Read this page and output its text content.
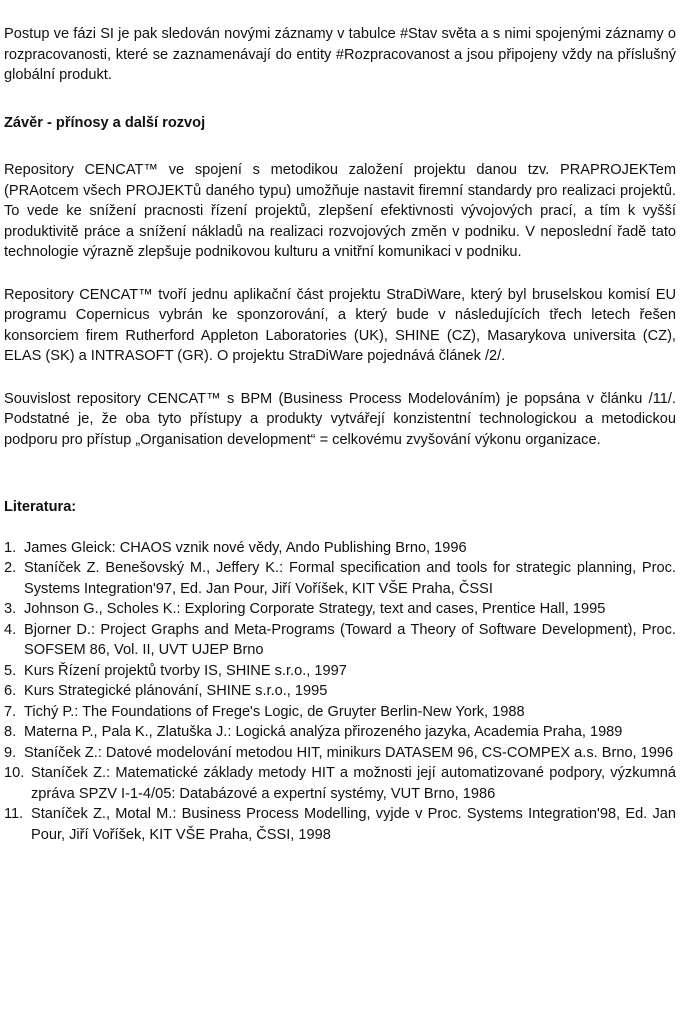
Postup ve fázi SI je pak sledován novými záznamy v tabulce #Stav světa a s nimi spojenými záznamy o rozpracovanosti, které se zaznamenávají do entity #Rozpracovanost a jsou připojeny vždy na příslušný globální produkt.

Závěr - přínosy a další rozvoj

Repository CENCAT™ ve spojení s metodikou založení projektu danou tzv. PRAPROJEKTem (PRAotcem všech PROJEKTů daného typu) umožňuje nastavit firemní standardy pro realizaci projektů. To vede ke snížení pracnosti řízení projektů, zlepšení efektivnosti vývojových prací, a tím k vyšší produktivitě práce a snížení nákladů na realizaci rozvojových změn v podniku. V neposlední řadě tato technologie výrazně zlepšuje podnikovou kulturu a vnitřní komunikaci v podniku.

Repository CENCAT™ tvoří jednu aplikační část projektu StraDiWare, který byl bruselskou komisí EU programu Copernicus vybrán ke sponzorování, a který bude v následujících třech letech řešen konsorciem firem Rutherford Appleton Laboratories (UK), SHINE (CZ), Masarykova universita (CZ), ELAS (SK) a INTRASOFT (GR). O projektu StraDiWare pojednává článek /2/.

Souvislost repository CENCAT™ s BPM (Business Process Modelováním) je popsána v článku /11/. Podstatné je, že oba tyto přístupy a produkty vytvářejí konzistentní technologickou a metodickou podporu pro přístup „Organisation development“ = celkovému zvyšování výkonu organizace.

Literatura:

1. James Gleick: CHAOS vznik nové vědy, Ando Publishing Brno, 1996
2. Staníček Z. Benešovský M., Jeffery K.: Formal specification and tools for strategic planning, Proc. Systems Integration'97, Ed. Jan Pour, Jiří Voříšek, KIT VŠE Praha, ČSSI
3. Johnson G., Scholes K.: Exploring Corporate Strategy, text and cases, Prentice Hall, 1995
4. Bjorner D.: Project Graphs and Meta-Programs (Toward a Theory of Software Development), Proc. SOFSEM 86, Vol. II, UVT UJEP Brno
5. Kurs Řízení projektů tvorby IS, SHINE s.r.o., 1997
6. Kurs Strategické plánování, SHINE s.r.o., 1995
7. Tichý P.: The Foundations of Frege's Logic, de Gruyter Berlin-New York, 1988
8. Materna P., Pala K., Zlatuška J.: Logická analýza přirozeného jazyka, Academia Praha, 1989
9. Staníček Z.: Datové modelování metodou HIT, minikurs DATASEM 96, CS-COMPEX a.s. Brno, 1996
10. Staníček Z.: Matematické základy metody HIT a možnosti její automatizované podpory, výzkumná zpráva SPZV I-1-4/05: Databázové a expertní systémy, VUT Brno, 1986
11. Staníček Z., Motal M.: Business Process Modelling, vyjde v Proc. Systems Integration'98, Ed. Jan Pour, Jiří Voříšek, KIT VŠE Praha, ČSSI, 1998
